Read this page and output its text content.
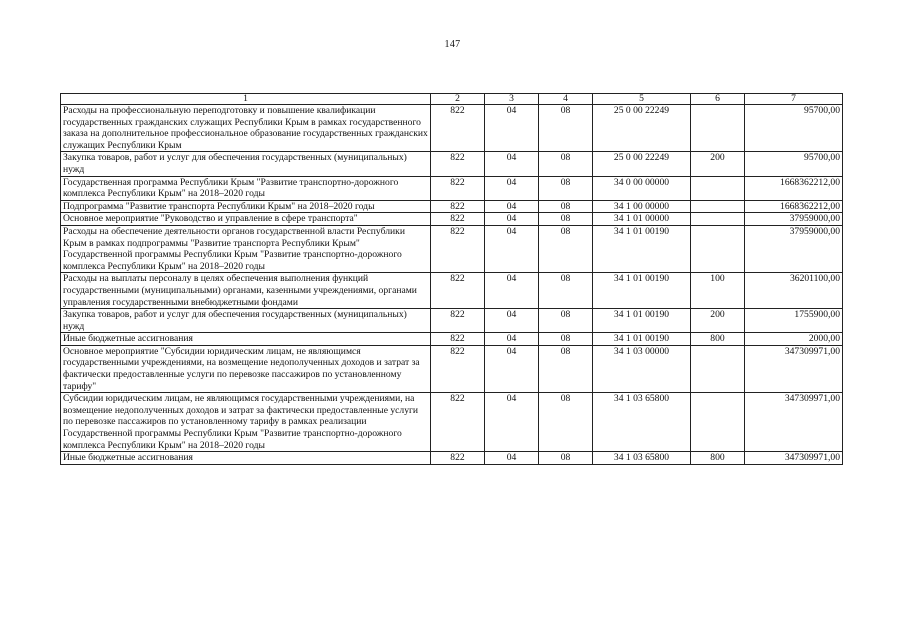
147
1	2	3	4	5	6	7
Расходы на профессиональную переподготовку и повышение квалификации государственных гражданских служащих Республики Крым в рамках государственного заказа на дополнительное профессиональное образование государственных гражданских служащих Республики Крым	822	04	08	25 0 00 22249		95700,00
Закупка товаров, работ и услуг для обеспечения государственных (муниципальных) нужд	822	04	08	25 0 00 22249	200	95700,00
Государственная программа Республики Крым "Развитие транспортно-дорожного комплекса Республики Крым" на 2018–2020 годы	822	04	08	34 0 00 00000		1668362212,00
Подпрограмма "Развитие транспорта Республики Крым" на 2018–2020 годы	822	04	08	34 1 00 00000		1668362212,00
Основное мероприятие "Руководство и управление в сфере транспорта"	822	04	08	34 1 01 00000		37959000,00
Расходы на обеспечение деятельности органов государственной власти Республики Крым в рамках подпрограммы "Развитие транспорта Республики Крым" Государственной программы Республики Крым "Развитие транспортно-дорожного комплекса Республики Крым" на 2018–2020 годы	822	04	08	34 1 01 00190		37959000,00
Расходы на выплаты персоналу в целях обеспечения выполнения функций государственными (муниципальными) органами, казенными учреждениями, органами управления государственными внебюджетными фондами	822	04	08	34 1 01 00190	100	36201100,00
Закупка товаров, работ и услуг для обеспечения государственных (муниципальных) нужд	822	04	08	34 1 01 00190	200	1755900,00
Иные бюджетные ассигнования	822	04	08	34 1 01 00190	800	2000,00
Основное мероприятие "Субсидии юридическим лицам, не являющимся государственными учреждениями, на возмещение недополученных доходов и затрат за фактически предоставленные услуги по перевозке пассажиров по установленному тарифу"	822	04	08	34 1 03 00000		347309971,00
Субсидии юридическим лицам, не являющимся государственными учреждениями, на возмещение недополученных доходов и затрат за фактически предоставленные услуги по перевозке пассажиров по установленному тарифу в рамках реализации Государственной программы Республики Крым "Развитие транспортно-дорожного комплекса Республики Крым" на 2018–2020 годы	822	04	08	34 1 03 65800		347309971,00
Иные бюджетные ассигнования	822	04	08	34 1 03 65800	800	347309971,00
